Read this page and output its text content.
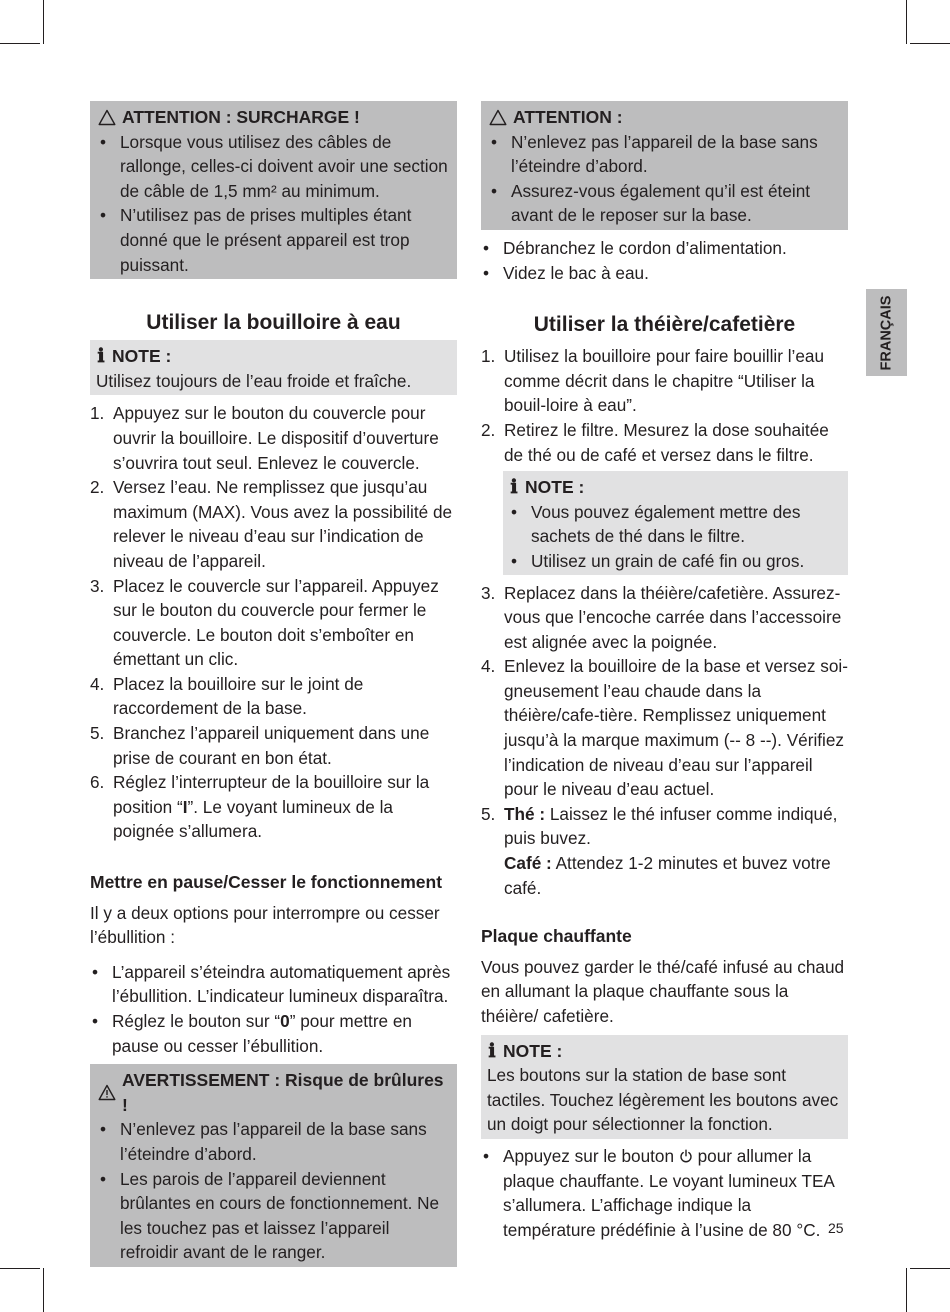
FRANÇAIS
ATTENTION : SURCHARGE !
• Lorsque vous utilisez des câbles de rallonge, celles-ci doivent avoir une section de câble de 1,5 mm² au minimum.
• N’utilisez pas de prises multiples étant donné que le présent appareil est trop puissant.
Utiliser la bouilloire à eau
ℹ NOTE :
Utilisez toujours de l’eau froide et fraîche.
1. Appuyez sur le bouton du couvercle pour ouvrir la bouilloire. Le dispositif d’ouverture s’ouvrira tout seul. Enlevez le couvercle.
2. Versez l’eau. Ne remplissez que jusqu’au maximum (MAX). Vous avez la possibilité de relever le niveau d’eau sur l’indication de niveau de l’appareil.
3. Placez le couvercle sur l’appareil. Appuyez sur le bouton du couvercle pour fermer le couvercle. Le bouton doit s’emboîter en émettant un clic.
4. Placez la bouilloire sur le joint de raccordement de la base.
5. Branchez l’appareil uniquement dans une prise de courant en bon état.
6. Réglez l’interrupteur de la bouilloire sur la position “I”. Le voyant lumineux de la poignée s’allumera.
Mettre en pause/Cesser le fonctionnement
Il y a deux options pour interrompre ou cesser l’ébullition :
• L’appareil s’éteindra automatiquement après l’ébullition. L’indicateur lumineux disparaîtra.
• Réglez le bouton sur “0” pour mettre en pause ou cesser l’ébullition.
AVERTISSEMENT : Risque de brûlures !
• N’enlevez pas l’appareil de la base sans l’éteindre d’abord.
• Les parois de l’appareil deviennent brûlantes en cours de fonctionnement. Ne les touchez pas et laissez l’appareil refroidir avant de le ranger.
ATTENTION :
• N’enlevez pas l’appareil de la base sans l’éteindre d’abord.
• Assurez-vous également qu’il est éteint avant de le reposer sur la base.
• Débranchez le cordon d’alimentation.
• Videz le bac à eau.
Utiliser la théière/cafetière
1. Utilisez la bouilloire pour faire bouillir l’eau comme décrit dans le chapitre “Utiliser la bouil-loire à eau”.
2. Retirez le filtre. Mesurez la dose souhaitée de thé ou de café et versez dans le filtre.
ℹ NOTE :
• Vous pouvez également mettre des sachets de thé dans le filtre.
• Utilisez un grain de café fin ou gros.
3. Replacez dans la théière/cafetière. Assurez-vous que l’encoche carrée dans l’accessoire est alignée avec la poignée.
4. Enlevez la bouilloire de la base et versez soi-gneusement l’eau chaude dans la théière/cafe-tière. Remplissez uniquement jusqu’à la marque maximum (-- 8 --). Vérifiez l’indication de niveau d’eau sur l’appareil pour le niveau d’eau actuel.
5. Thé : Laissez le thé infuser comme indiqué, puis buvez.
Café : Attendez 1-2 minutes et buvez votre café.
Plaque chauffante
Vous pouvez garder le thé/café infusé au chaud en allumant la plaque chauffante sous la théière/ cafetière.
ℹ NOTE :
Les boutons sur la station de base sont tactiles. Touchez légèrement les boutons avec un doigt pour sélectionner la fonction.
• Appuyez sur le bouton  pour allumer la plaque chauffante. Le voyant lumineux TEA s’allumera. L’affichage indique la température prédéfinie à l’usine de 80 °C. 25
